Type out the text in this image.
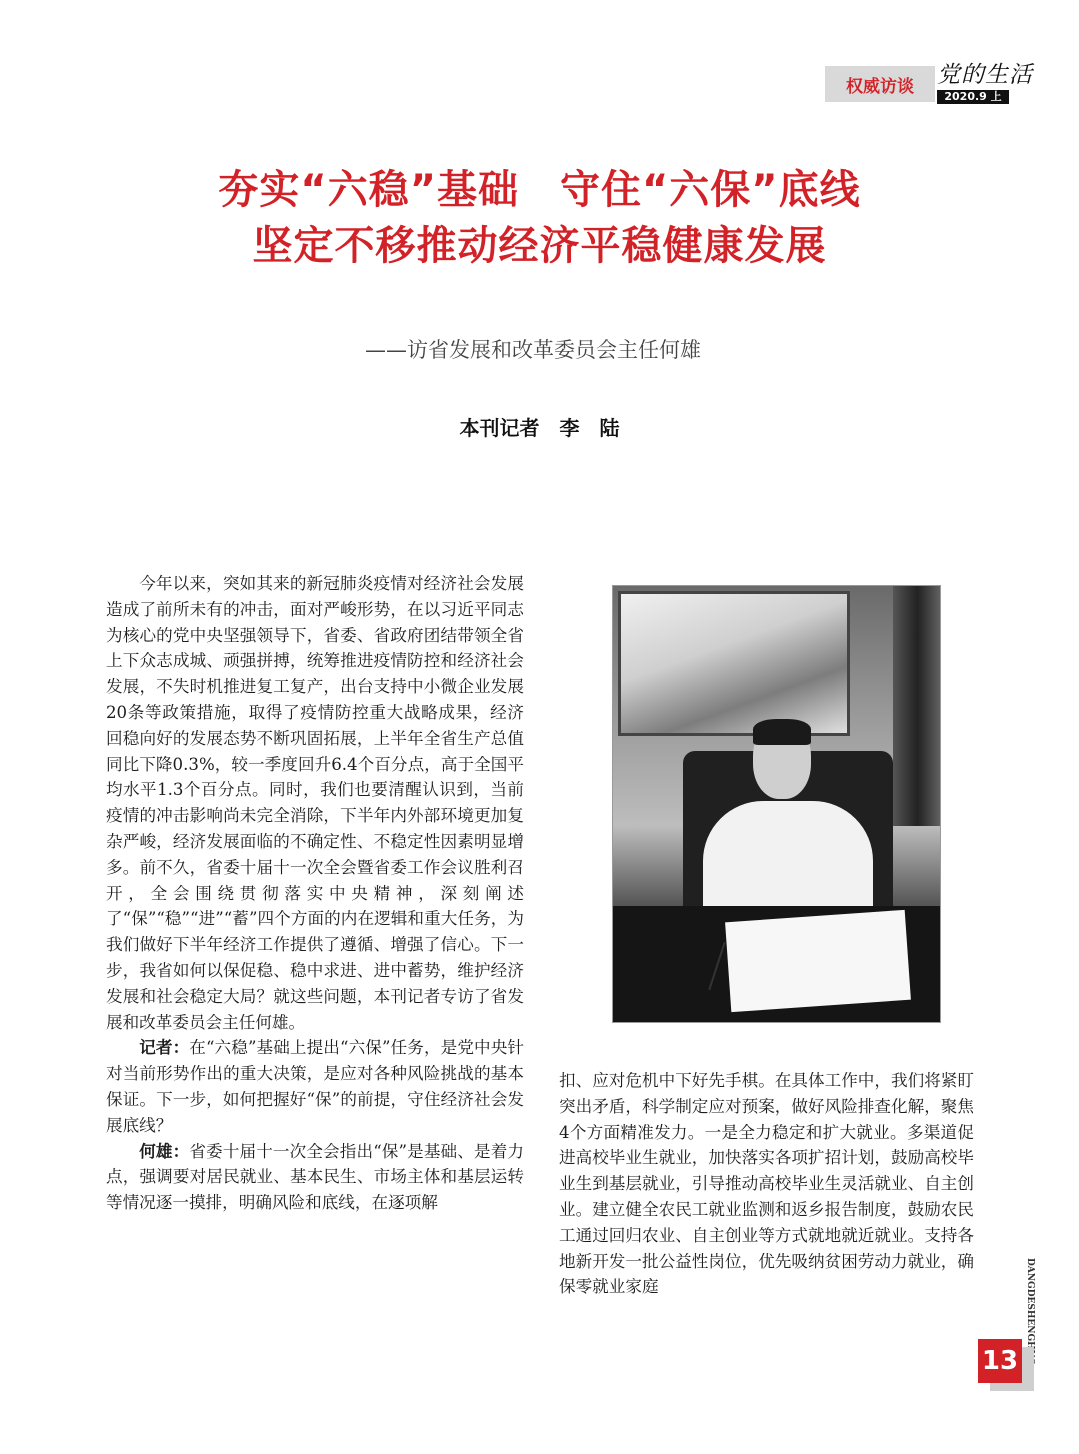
权威访谈	党的生活
2020.9 上
夯实“六稳”基础　守住“六保”底线
坚定不移推动经济平稳健康发展
——访省发展和改革委员会主任何雄
本刊记者　李　陆

今年以来，突如其来的新冠肺炎疫情对经济社会发展造成了前所未有的冲击，面对严峻形势，在以习近平同志为核心的党中央坚强领导下，省委、省政府团结带领全省上下众志成城、顽强拼搏，统筹推进疫情防控和经济社会发展，不失时机推进复工复产，出台支持中小微企业发展20条等政策措施，取得了疫情防控重大战略成果，经济回稳向好的发展态势不断巩固拓展，上半年全省生产总值同比下降0.3%，较一季度回升6.4个百分点，高于全国平均水平1.3个百分点。同时，我们也要清醒认识到，当前疫情的冲击影响尚未完全消除，下半年内外部环境更加复杂严峻，经济发展面临的不确定性、不稳定性因素明显增多。前不久，省委十届十一次全会暨省委工作会议胜利召开，全会围绕贯彻落实中央精神，深刻阐述了“保”“稳”“进”“蓄”四个方面的内在逻辑和重大任务，为我们做好下半年经济工作提供了遵循、增强了信心。下一步，我省如何以保促稳、稳中求进、进中蓄势，维护经济发展和社会稳定大局？就这些问题，本刊记者专访了省发展和改革委员会主任何雄。

记者：在“六稳”基础上提出“六保”任务，是党中央针对当前形势作出的重大决策，是应对各种风险挑战的基本保证。下一步，如何把握好“保”的前提，守住经济社会发展底线？

何雄：省委十届十一次全会指出“保”是基础、是着力点，强调要对居民就业、基本民生、市场主体和基层运转等情况逐一摸排，明确风险和底线，在逐项解

扣、应对危机中下好先手棋。在具体工作中，我们将紧盯突出矛盾，科学制定应对预案，做好风险排查化解，聚焦4个方面精准发力。一是全力稳定和扩大就业。多渠道促进高校毕业生就业，加快落实各项扩招计划，鼓励高校毕业生到基层就业，引导推动高校毕业生灵活就业、自主创业。建立健全农民工就业监测和返乡报告制度，鼓励农民工通过回归农业、自主创业等方式就地就近就业。支持各地新开发一批公益性岗位，优先吸纳贫困劳动力就业，确保零就业家庭	DANGDESHENGHUO
13
